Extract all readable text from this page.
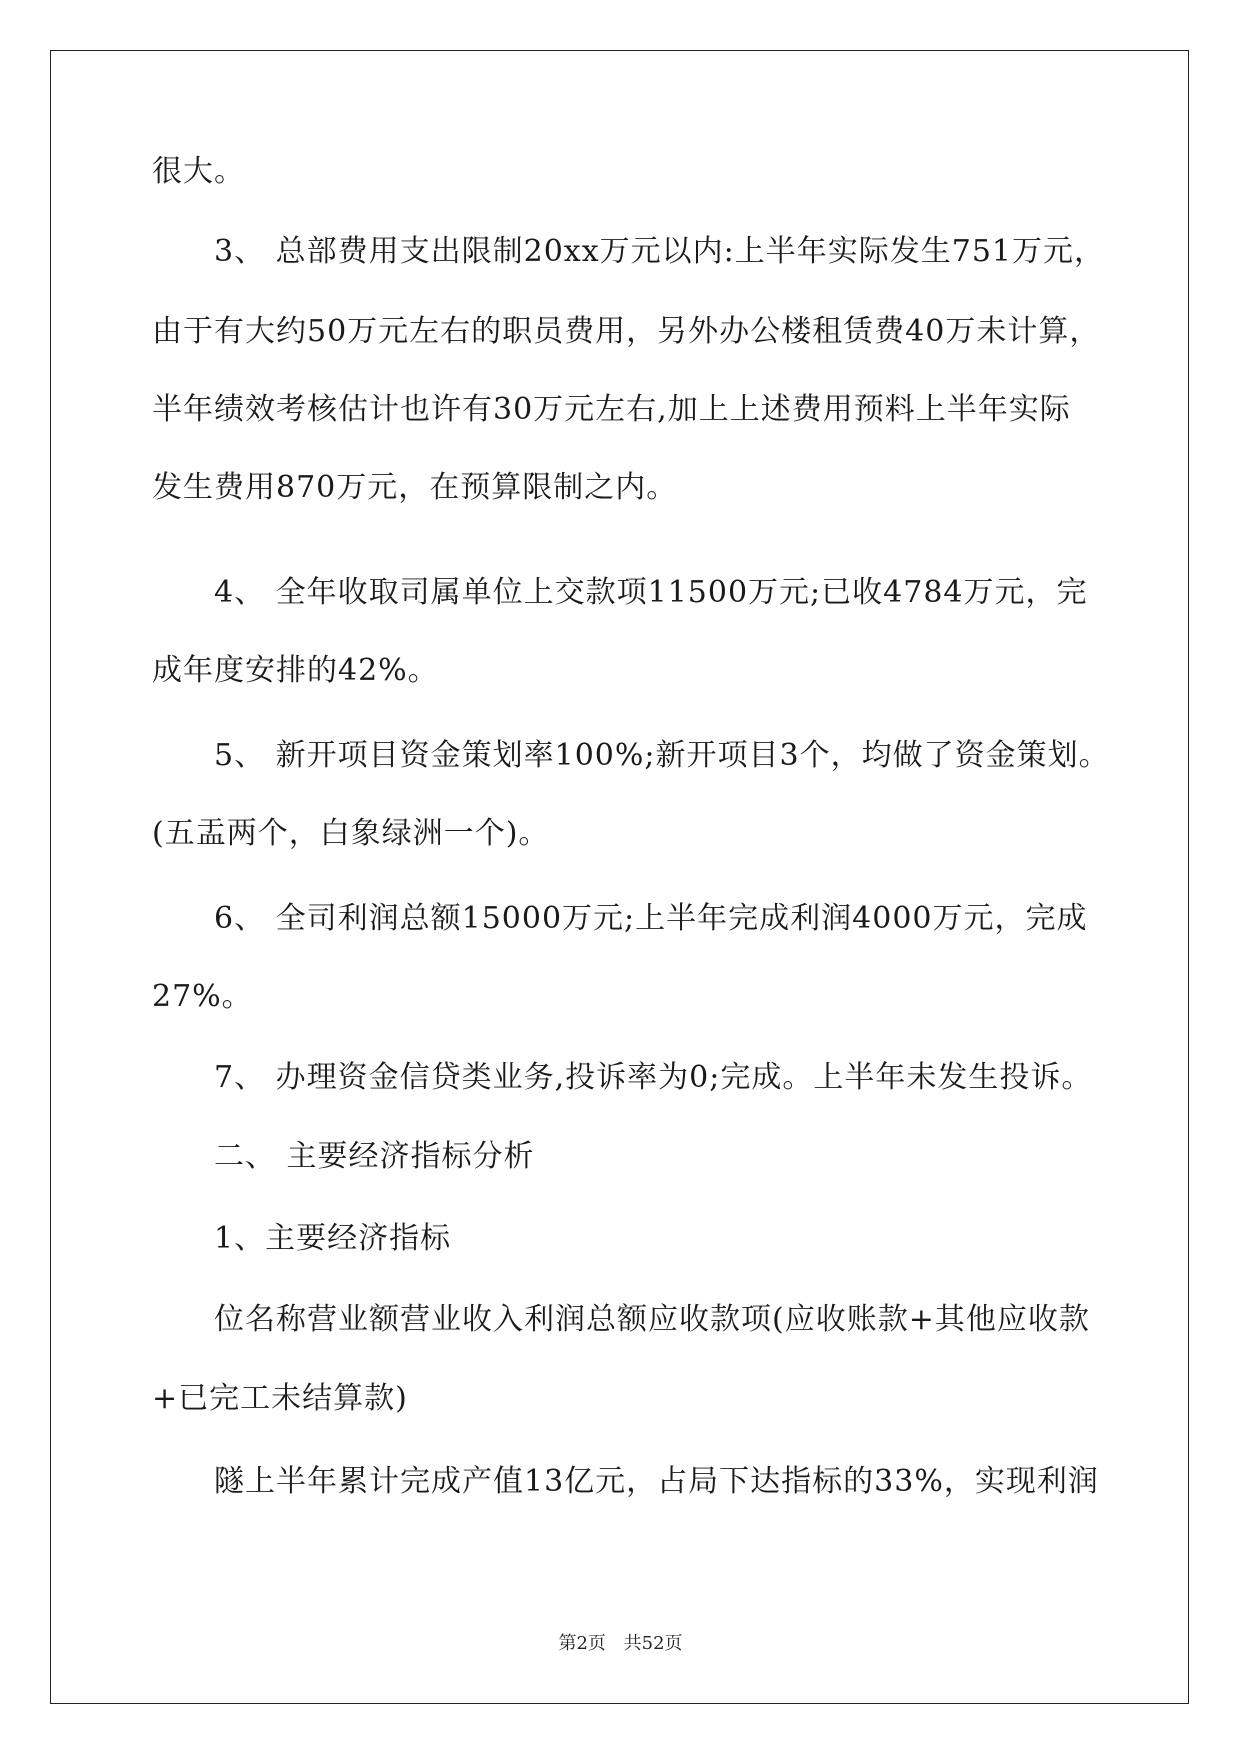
很大。
3、 总部费用支出限制20xx万元以内:上半年实际发生751万元，
由于有大约50万元左右的职员费用，另外办公楼租赁费40万未计算，
半年绩效考核估计也许有30万元左右,加上上述费用预料上半年实际
发生费用870万元，在预算限制之内。
4、 全年收取司属单位上交款项11500万元;已收4784万元，完
成年度安排的42%。
5、 新开项目资金策划率100%;新开项目3个，均做了资金策划。
(五盂两个，白象绿洲一个)。
6、 全司利润总额15000万元;上半年完成利润4000万元，完成
27%。
7、 办理资金信贷类业务,投诉率为0;完成。上半年未发生投诉。
二、 主要经济指标分析
1、主要经济指标
位名称营业额营业收入利润总额应收款项(应收账款+其他应收款
+已完工未结算款)
隧上半年累计完成产值13亿元，占局下达指标的33%，实现利润
第2页 共52页
